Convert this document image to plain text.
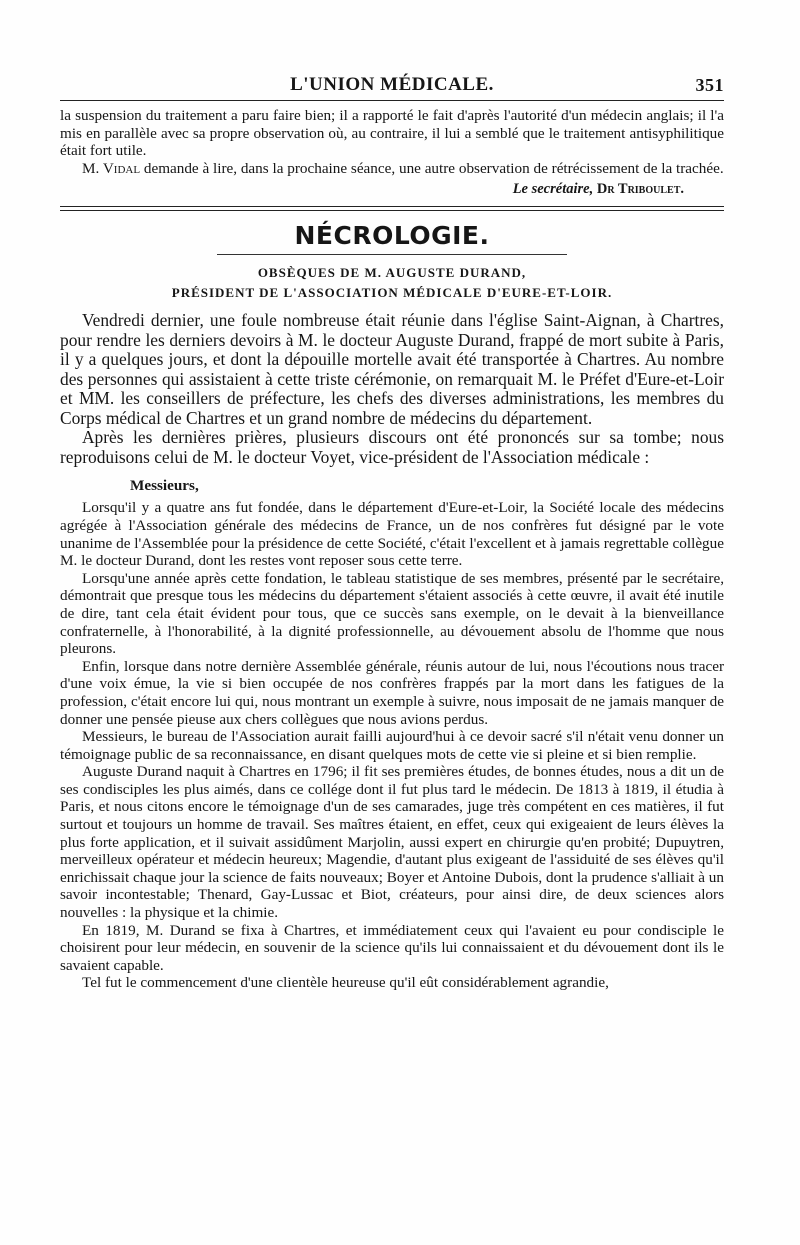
L'UNION MÉDICALE.	351

la suspension du traitement a paru faire bien; il a rapporté le fait d'après l'autorité d'un médecin anglais; il l'a mis en parallèle avec sa propre observation où, au contraire, il lui a semblé que le traitement antisyphilitique était fort utile.

M. Vidal demande à lire, dans la prochaine séance, une autre observation de rétrécissement de la trachée.

Le secrétaire, Dr Triboulet.
NÉCROLOGIE.
OBSÈQUES DE M. AUGUSTE DURAND,
PRÉSIDENT DE L'ASSOCIATION MÉDICALE D'EURE-ET-LOIR.

Vendredi dernier, une foule nombreuse était réunie dans l'église Saint-Aignan, à Chartres, pour rendre les derniers devoirs à M. le docteur Auguste Durand, frappé de mort subite à Paris, il y a quelques jours, et dont la dépouille mortelle avait été transportée à Chartres. Au nombre des personnes qui assistaient à cette triste cérémonie, on remarquait M. le Préfet d'Eure-et-Loir et MM. les conseillers de préfecture, les chefs des diverses administrations, les membres du Corps médical de Chartres et un grand nombre de médecins du département.

Après les dernières prières, plusieurs discours ont été prononcés sur sa tombe; nous reproduisons celui de M. le docteur Voyet, vice-président de l'Association médicale :

Messieurs,

Lorsqu'il y a quatre ans fut fondée, dans le département d'Eure-et-Loir, la Société locale des médecins agrégée à l'Association générale des médecins de France, un de nos confrères fut désigné par le vote unanime de l'Assemblée pour la présidence de cette Société, c'était l'excellent et à jamais regrettable collègue M. le docteur Durand, dont les restes vont reposer sous cette terre.

Lorsqu'une année après cette fondation, le tableau statistique de ses membres, présenté par le secrétaire, démontrait que presque tous les médecins du département s'étaient associés à cette œuvre, il avait été inutile de dire, tant cela était évident pour tous, que ce succès sans exemple, on le devait à la bienveillance confraternelle, à l'honorabilité, à la dignité professionnelle, au dévouement absolu de l'homme que nous pleurons.

Enfin, lorsque dans notre dernière Assemblée générale, réunis autour de lui, nous l'écoutions nous tracer d'une voix émue, la vie si bien occupée de nos confrères frappés par la mort dans les fatigues de la profession, c'était encore lui qui, nous montrant un exemple à suivre, nous imposait de ne jamais manquer de donner une pensée pieuse aux chers collègues que nous avions perdus.

Messieurs, le bureau de l'Association aurait failli aujourd'hui à ce devoir sacré s'il n'était venu donner un témoignage public de sa reconnaissance, en disant quelques mots de cette vie si pleine et si bien remplie.

Auguste Durand naquit à Chartres en 1796; il fit ses premières études, de bonnes études, nous a dit un de ses condisciples les plus aimés, dans ce collége dont il fut plus tard le médecin. De 1813 à 1819, il étudia à Paris, et nous citons encore le témoignage d'un de ses camarades, juge très compétent en ces matières, il fut surtout et toujours un homme de travail. Ses maîtres étaient, en effet, ceux qui exigeaient de leurs élèves la plus forte application, et il suivait assidûment Marjolin, aussi expert en chirurgie qu'en probité; Dupuytren, merveilleux opérateur et médecin heureux; Magendie, d'autant plus exigeant de l'assiduité de ses élèves qu'il enrichissait chaque jour la science de faits nouveaux; Boyer et Antoine Dubois, dont la prudence s'alliait à un savoir incontestable; Thenard, Gay-Lussac et Biot, créateurs, pour ainsi dire, de deux sciences alors nouvelles : la physique et la chimie.

En 1819, M. Durand se fixa à Chartres, et immédiatement ceux qui l'avaient eu pour condisciple le choisirent pour leur médecin, en souvenir de la science qu'ils lui connaissaient et du dévouement dont ils le savaient capable.

Tel fut le commencement d'une clientèle heureuse qu'il eût considérablement agrandie,
